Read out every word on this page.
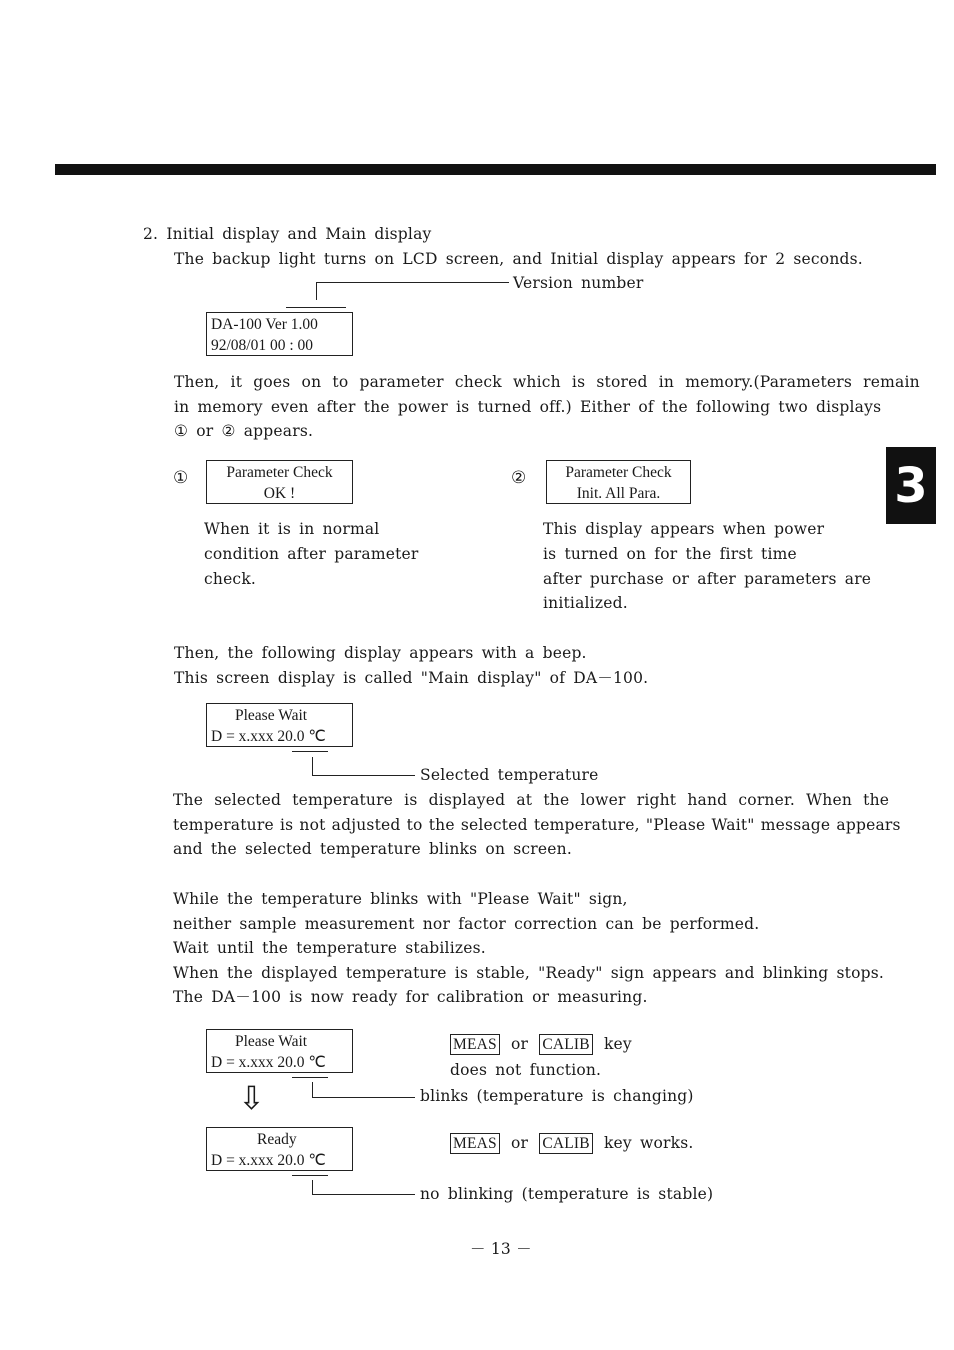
3
2. Initial display and Main display
The backup light turns on LCD screen, and Initial display appears for 2 seconds.
Version number
DA-100 Ver 1.00
92/08/01 00 : 00
Then, it goes on to parameter check which is stored in memory.(Parameters remain
in memory even after the power is turned off.) Either of the following two displays
① or ② appears.
①	Parameter Check
OK !
When it is in normal
condition after parameter
check.
②	Parameter Check
Init. All Para.
This display appears when power
is turned on for the first time
after purchase or after parameters are
initialized.
Then, the following display appears with a beep.
This screen display is called "Main display" of DA－100.
Please Wait
D = x.xxx 20.0 ℃
Selected temperature
The selected temperature is displayed at the lower right hand corner. When the
temperature is not adjusted to the selected temperature, "Please Wait" message appears
and the selected temperature blinks on screen.
While the temperature blinks with "Please Wait" sign,
neither sample measurement nor factor correction can be performed.
Wait until the temperature stabilizes.
When the displayed temperature is stable, "Ready" sign appears and blinking stops.
The DA－100 is now ready for calibration or measuring.
Please Wait
D = x.xxx 20.0 ℃
MEAS or CALIB key
does not function.
blinks (temperature is changing)
⇩
Ready
D = x.xxx 20.0 ℃
MEAS or CALIB key works.
no blinking (temperature is stable)
－ 13 －
